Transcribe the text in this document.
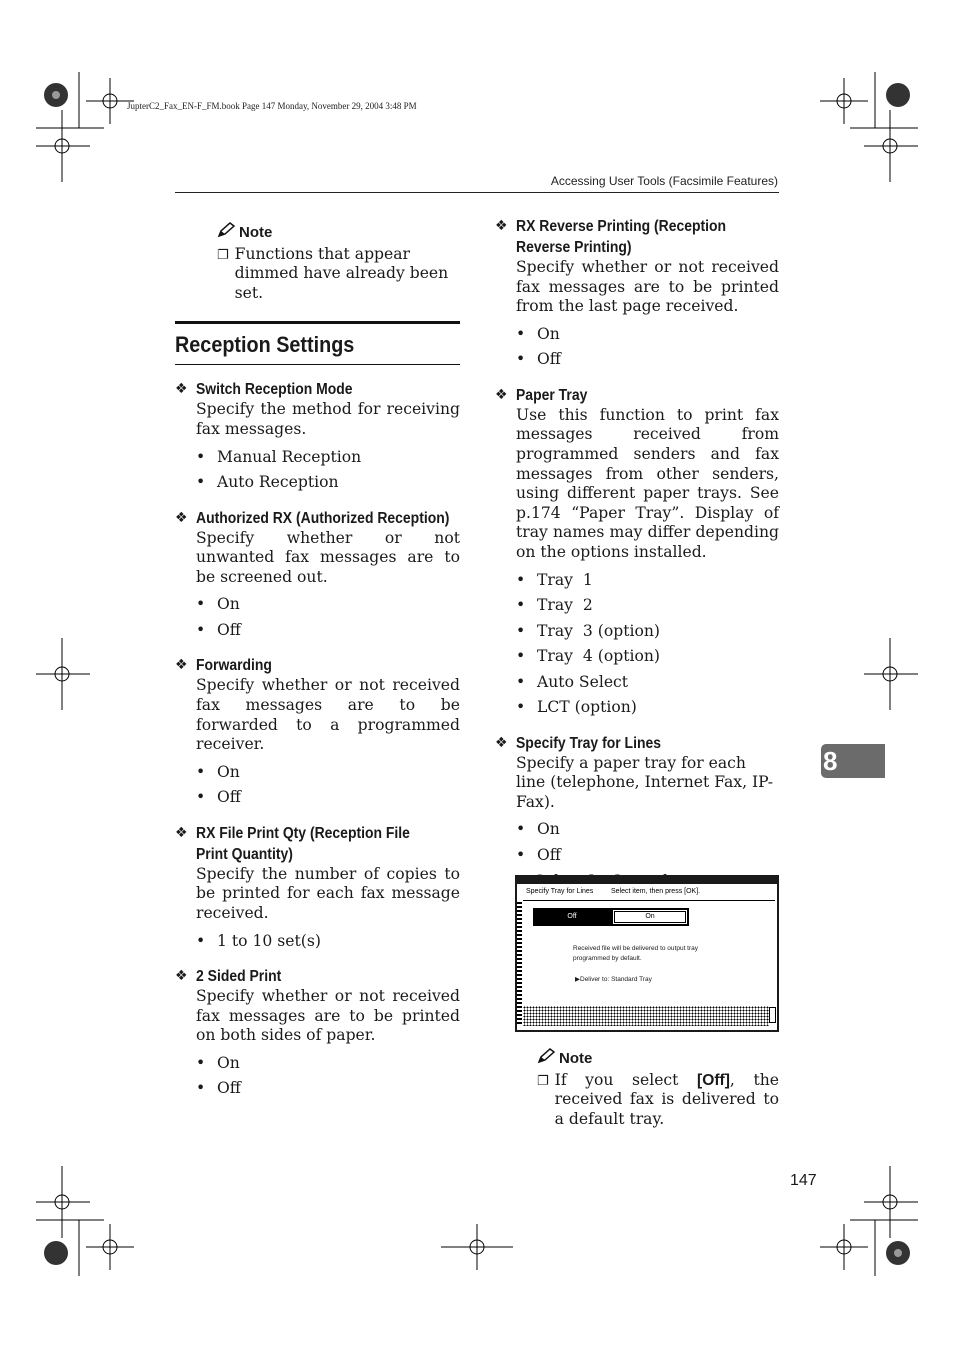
JupterC2_Fax_EN-F_FM.book Page 147 Monday, November 29, 2004 3:48 PM
Accessing User Tools (Facsimile Features)
Note
❐ Functions that appear dimmed have already been set.
Reception Settings
❖ Switch Reception Mode
Specify the method for receiving fax messages.
• Manual Reception
• Auto Reception
❖ Authorized RX (Authorized Reception)
Specify whether or not unwanted fax messages are to be screened out.
• On
• Off
❖ Forwarding
Specify whether or not received fax messages are to be forwarded to a programmed receiver.
• On
• Off
❖ RX File Print Qty (Reception File Print Quantity)
Specify the number of copies to be printed for each fax message received.
• 1 to 10 set(s)
❖ 2 Sided Print
Specify whether or not received fax messages are to be printed on both sides of paper.
• On
• Off
❖ RX Reverse Printing (Reception Reverse Printing)
Specify whether or not received fax messages are to be printed from the last page received.
• On
• Off
❖ Paper Tray
Use this function to print fax messages received from programmed senders and fax messages from other senders, using different paper trays. See p.174 “Paper Tray”. Display of tray names may differ depending on the options installed.
• Tray  1
• Tray  2
• Tray  3 (option)
• Tray  4 (option)
• Auto Select
• LCT (option)
❖ Specify Tray for Lines
Specify a paper tray for each line (telephone, Internet Fax, IP-Fax).
• On
• Off
Specify Tray for Lines	Select item, then press [OK].
Off	On
Received file will be delivered to output tray
programmed by default.
▶Deliver to: Standard Tray
Note
❐ If you select [Off], the received fax is delivered to a default tray.
8
147
